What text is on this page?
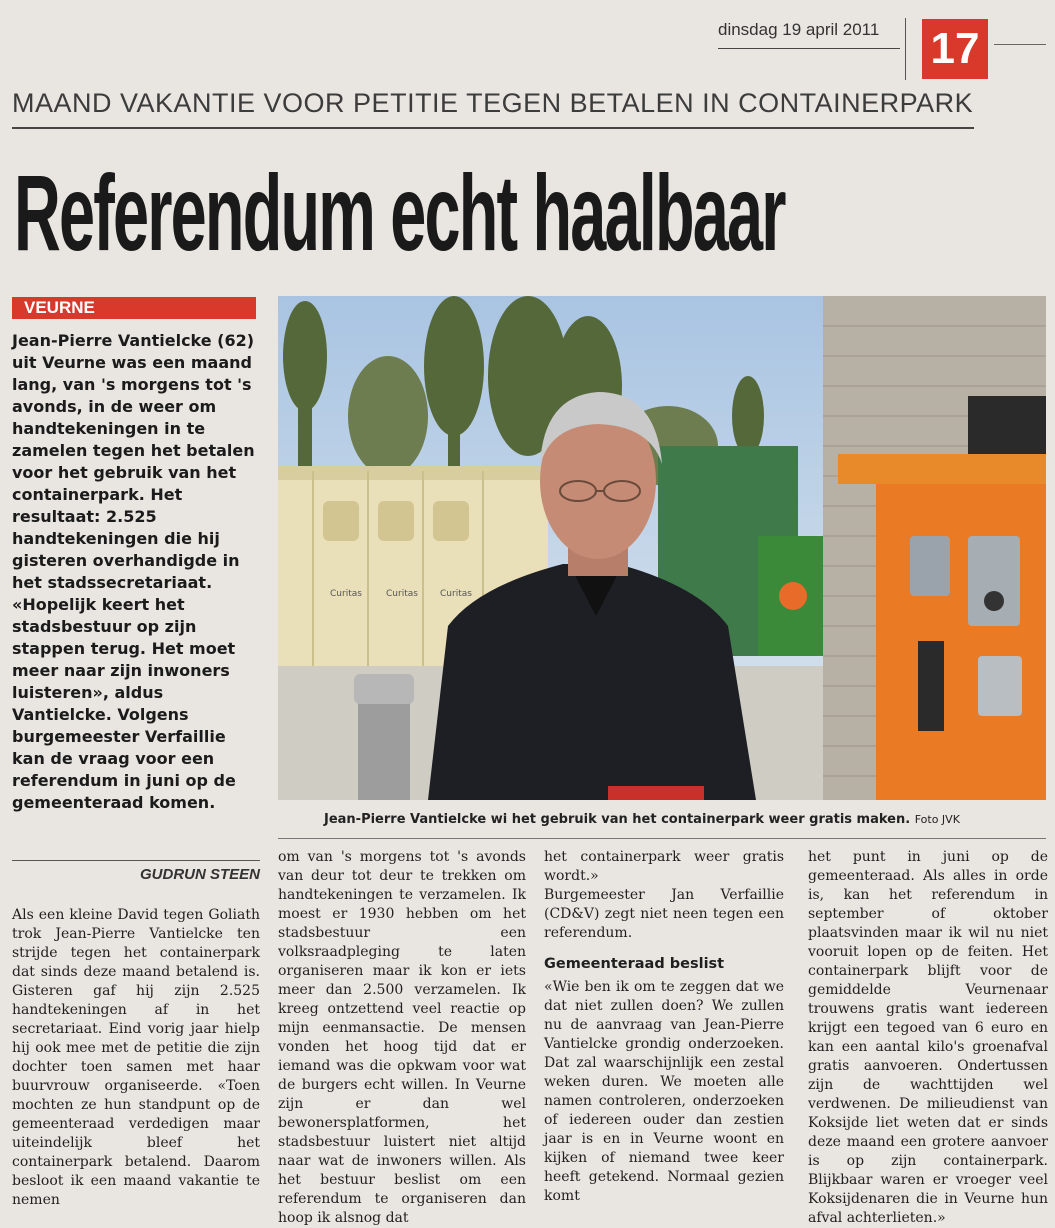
dinsdag 19 april 2011 17
MAAND VAKANTIE VOOR PETITIE TEGEN BETALEN IN CONTAINERPARK
Referendum echt haalbaar
VEURNE
Jean-Pierre Vantielcke (62) uit Veurne was een maand lang, van 's morgens tot 's avonds, in de weer om handtekeningen in te zamelen tegen het betalen voor het gebruik van het containerpark. Het resultaat: 2.525 handtekeningen die hij gisteren overhandigde in het stadssecretariaat. «Hopelijk keert het stadsbestuur op zijn stappen terug. Het moet meer naar zijn inwoners luisteren», aldus Vantielcke. Volgens burgemeester Verfaillie kan de vraag voor een referendum in juni op de gemeenteraad komen.
GUDRUN STEEN
Curitas	Curitas Curitas
Jean-Pierre Vantielcke wi het gebruik van het containerpark weer gratis maken. Foto JVK

Als een kleine David tegen Goliath trok Jean-Pierre Vantielcke ten strijde tegen het containerpark dat sinds deze maand betalend is. Gisteren gaf hij zijn 2.525 handtekeningen af in het secretariaat. Eind vorig jaar hielp hij ook mee met de petitie die zijn dochter toen samen met haar buurvrouw organiseerde. «Toen mochten ze hun standpunt op de gemeenteraad verdedigen maar uiteindelijk bleef het containerpark betalend. Daarom besloot ik een maand vakantie te nemen

om van 's morgens tot 's avonds van deur tot deur te trekken om handtekeningen te verzamelen. Ik moest er 1930 hebben om het stadsbestuur een volksraadpleging te laten organiseren maar ik kon er iets meer dan 2.500 verzamelen. Ik kreeg ontzettend veel reactie op mijn eenmansactie. De mensen vonden het hoog tijd dat er iemand was die opkwam voor wat de burgers echt willen. In Veurne zijn er dan wel bewonersplatformen, het stadsbestuur luistert niet altijd naar wat de inwoners willen. Als het bestuur beslist om een referendum te organiseren dan hoop ik alsnog dat

het containerpark weer gratis wordt.»

Burgemeester Jan Verfaillie (CD&V) zegt niet neen tegen een referendum.

Gemeenteraad beslist

«Wie ben ik om te zeggen dat we dat niet zullen doen? We zullen nu de aanvraag van Jean-Pierre Vantielcke grondig onderzoeken. Dat zal waarschijnlijk een zestal weken duren. We moeten alle namen controleren, onderzoeken of iedereen ouder dan zestien jaar is en in Veurne woont en kijken of niemand twee keer heeft getekend. Normaal gezien komt

het punt in juni op de gemeenteraad. Als alles in orde is, kan het referendum in september of oktober plaatsvinden maar ik wil nu niet vooruit lopen op de feiten. Het containerpark blijft voor de gemiddelde Veurnenaar trouwens gratis want iedereen krijgt een tegoed van 6 euro en kan een aantal kilo's groenafval gratis aanvoeren. Ondertussen zijn de wachttijden wel verdwenen. De milieudienst van Koksijde liet weten dat er sinds deze maand een grotere aanvoer is op zijn containerpark. Blijkbaar waren er vroeger veel Koksijdenaren die in Veurne hun afval achterlieten.»
